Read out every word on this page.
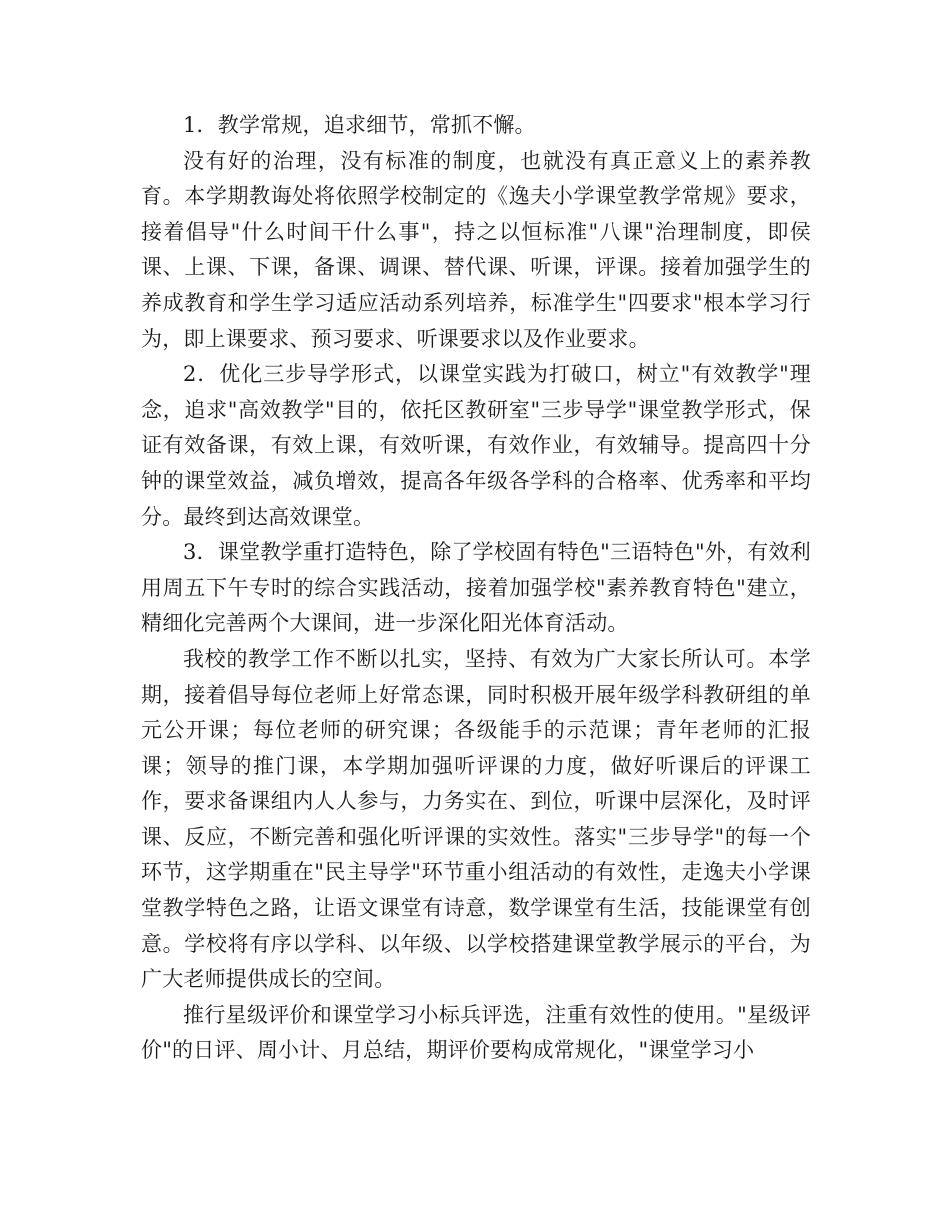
1．教学常规，追求细节，常抓不懈。

没有好的治理，没有标准的制度，也就没有真正意义上的素养教育。本学期教诲处将依照学校制定的《逸夫小学课堂教学常规》要求，接着倡导"什么时间干什么事"，持之以恒标准"八课"治理制度，即侯课、上课、下课，备课、调课、替代课、听课，评课。接着加强学生的养成教育和学生学习适应活动系列培养，标准学生"四要求"根本学习行为，即上课要求、预习要求、听课要求以及作业要求。

2．优化三步导学形式，以课堂实践为打破口，树立"有效教学"理念，追求"高效教学"目的，依托区教研室"三步导学"课堂教学形式，保证有效备课，有效上课，有效听课，有效作业，有效辅导。提高四十分钟的课堂效益，减负增效，提高各年级各学科的合格率、优秀率和平均分。最终到达高效课堂。

3．课堂教学重打造特色，除了学校固有特色"三语特色"外，有效利用周五下午专时的综合实践活动，接着加强学校"素养教育特色"建立，精细化完善两个大课间，进一步深化阳光体育活动。

我校的教学工作不断以扎实，坚持、有效为广大家长所认可。本学期，接着倡导每位老师上好常态课，同时积极开展年级学科教研组的单元公开课；每位老师的研究课；各级能手的示范课；青年老师的汇报课；领导的推门课，本学期加强听评课的力度，做好听课后的评课工作，要求备课组内人人参与，力务实在、到位，听课中层深化，及时评课、反应，不断完善和强化听评课的实效性。落实"三步导学"的每一个环节，这学期重在"民主导学"环节重小组活动的有效性，走逸夫小学课堂教学特色之路，让语文课堂有诗意，数学课堂有生活，技能课堂有创意。学校将有序以学科、以年级、以学校搭建课堂教学展示的平台，为广大老师提供成长的空间。

推行星级评价和课堂学习小标兵评选，注重有效性的使用。"星级评价"的日评、周小计、月总结，期评价要构成常规化，"课堂学习小
